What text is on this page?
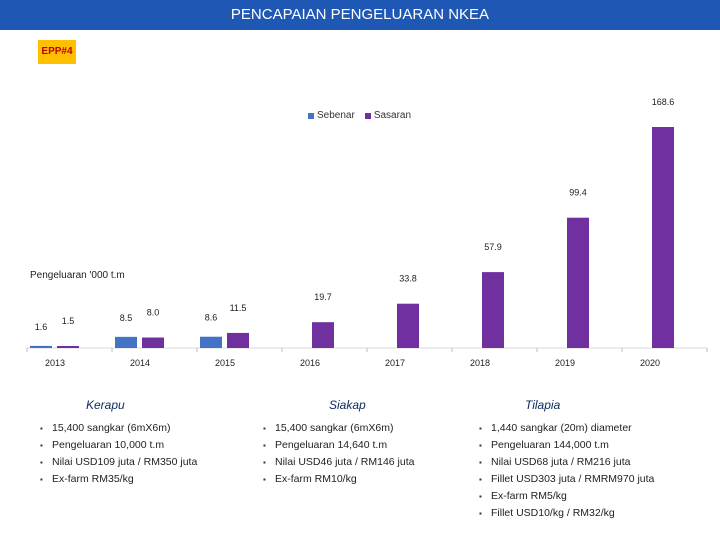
PENCAPAIAN PENGELUARAN NKEA
EPP#4
Sebenar Sasaran
Pengeluaran '000 t.m
2013
1.6
1.5
2014
8.5
8.0
2015
8.6
11.5
2016
19.7
2017
33.8
2018
57.9
2019
99.4
2020
168.6
Kerapu
▪ 15,400 sangkar (6mX6m)
▪ Pengeluaran 10,000 t.m
▪ Nilai USD109 juta / RM350 juta
▪ Ex-farm RM35/kg
Siakap
▪ 15,400 sangkar (6mX6m)
▪ Pengeluaran 14,640 t.m
▪ Nilai USD46 juta / RM146 juta
▪ Ex-farm RM10/kg
Tilapia
▪ 1,440 sangkar (20m) diameter
▪ Pengeluaran 144,000 t.m
▪ Nilai USD68 juta / RM216 juta
▪ Fillet USD303 juta / RMRM970 juta
▪ Ex-farm RM5/kg
▪ Fillet USD10/kg / RM32/kg
